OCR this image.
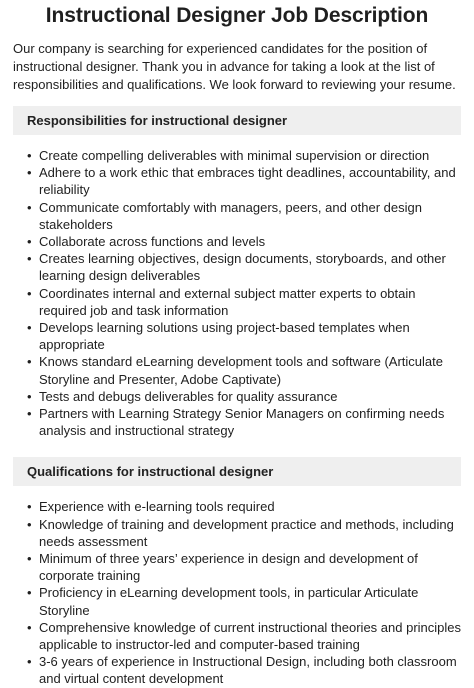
Instructional Designer Job Description

Our company is searching for experienced candidates for the position of instructional designer. Thank you in advance for taking a look at the list of responsibilities and qualifications. We look forward to reviewing your resume.

Responsibilities for instructional designer
• Create compelling deliverables with minimal supervision or direction
• Adhere to a work ethic that embraces tight deadlines, accountability, and reliability
• Communicate comfortably with managers, peers, and other design stakeholders
• Collaborate across functions and levels
• Creates learning objectives, design documents, storyboards, and other learning design deliverables
• Coordinates internal and external subject matter experts to obtain required job and task information
• Develops learning solutions using project-based templates when appropriate
• Knows standard eLearning development tools and software (Articulate Storyline and Presenter, Adobe Captivate)
• Tests and debugs deliverables for quality assurance
• Partners with Learning Strategy Senior Managers on confirming needs analysis and instructional strategy
Qualifications for instructional designer
• Experience with e-learning tools required
• Knowledge of training and development practice and methods, including needs assessment
• Minimum of three years’ experience in design and development of corporate training
• Proficiency in eLearning development tools, in particular Articulate Storyline
• Comprehensive knowledge of current instructional theories and principles applicable to instructor-led and computer-based training
• 3-6 years of experience in Instructional Design, including both classroom and virtual content development
